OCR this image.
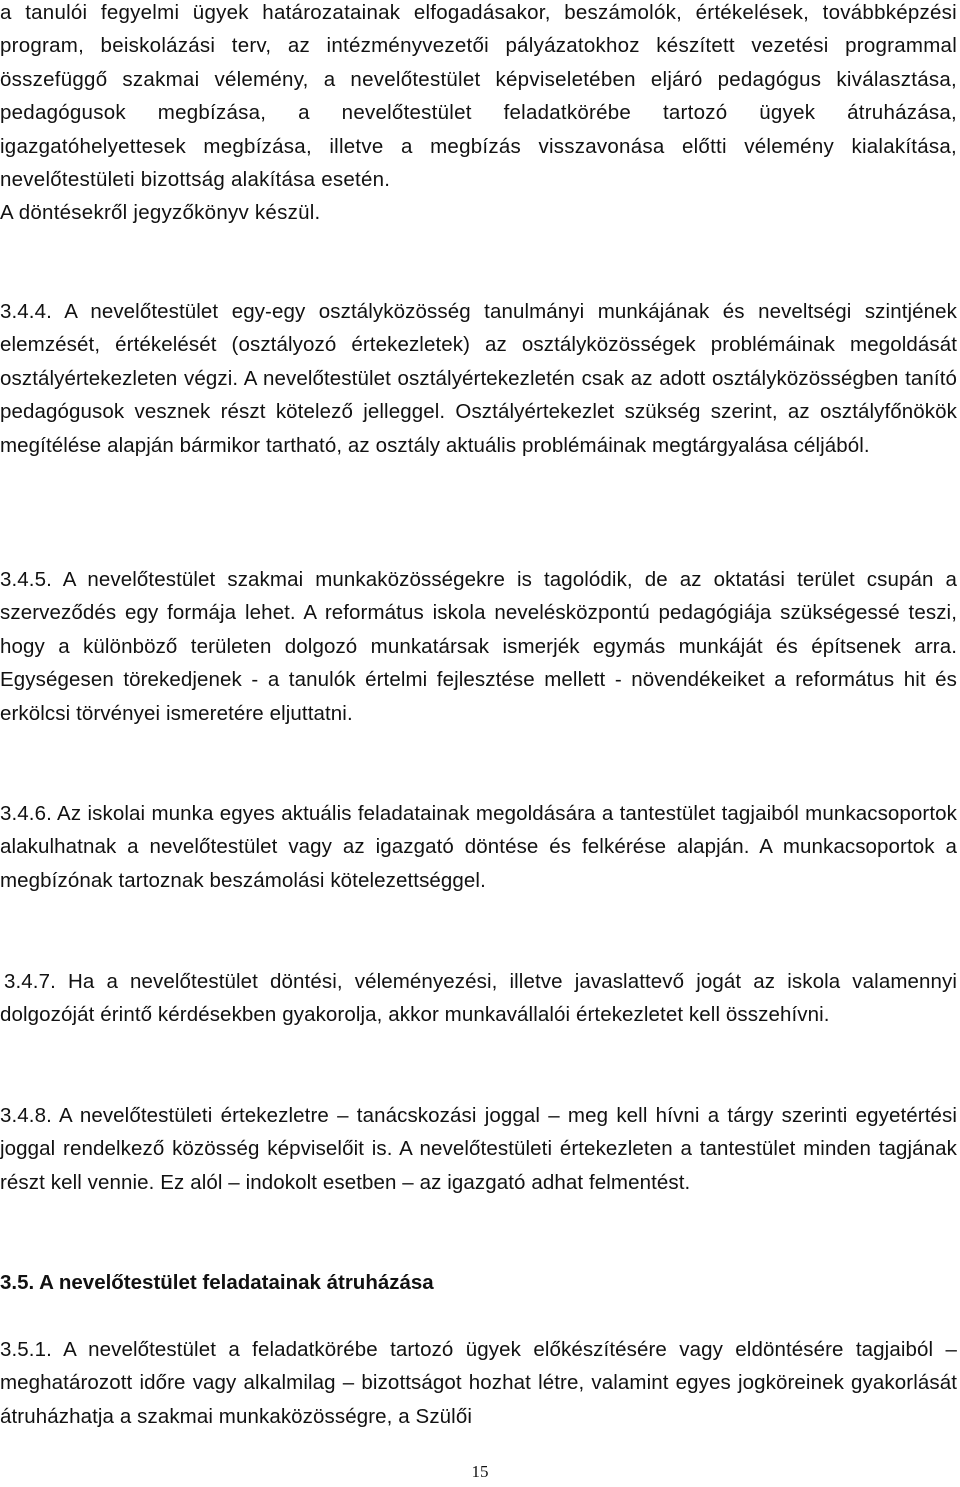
a tanulói fegyelmi ügyek határozatainak elfogadásakor, beszámolók, értékelések, továbbképzési program, beiskolázási terv, az intézményvezetői pályázatokhoz készített vezetési programmal összefüggő szakmai vélemény, a nevelőtestület képviseletében eljáró pedagógus kiválasztása, pedagógusok megbízása, a nevelőtestület feladatkörébe tartozó ügyek átruházása, igazgatóhelyettesek megbízása, illetve a megbízás visszavonása előtti vélemény kialakítása, nevelőtestületi bizottság alakítása esetén.
A döntésekről jegyzőkönyv készül.

3.4.4. A nevelőtestület egy-egy osztályközösség tanulmányi munkájának és neveltségi szintjének elemzését, értékelését (osztályozó értekezletek) az osztályközösségek problémáinak megoldását osztályértekezleten végzi. A nevelőtestület osztályértekezletén csak az adott osztályközösségben tanító pedagógusok vesznek részt kötelező jelleggel. Osztályértekezlet szükség szerint, az osztályfőnökök megítélése alapján bármikor tartható, az osztály aktuális problémáinak megtárgyalása céljából.

3.4.5. A nevelőtestület szakmai munkaközösségekre is tagolódik, de az oktatási terület csupán a szerveződés egy formája lehet. A református iskola nevelésközpontú pedagógiája szükségessé teszi, hogy a különböző területen dolgozó munkatársak ismerjék egymás munkáját és építsenek arra. Egységesen törekedjenek - a tanulók értelmi fejlesztése mellett - növendékeiket a református hit és erkölcsi törvényei ismeretére eljuttatni.

3.4.6. Az iskolai munka egyes aktuális feladatainak megoldására a tantestület tagjaiból munkacsoportok alakulhatnak a nevelőtestület vagy az igazgató döntése és felkérése alapján. A munkacsoportok a megbízónak tartoznak beszámolási kötelezettséggel.

3.4.7. Ha a nevelőtestület döntési, véleményezési, illetve javaslattevő jogát az iskola valamennyi dolgozóját érintő kérdésekben gyakorolja, akkor munkavállalói értekezletet kell összehívni.

3.4.8. A nevelőtestületi értekezletre – tanácskozási joggal – meg kell hívni a tárgy szerinti egyetértési joggal rendelkező közösség képviselőit is. A nevelőtestületi értekezleten a tantestület minden tagjának részt kell vennie. Ez alól – indokolt esetben – az igazgató adhat felmentést.

3.5. A nevelőtestület feladatainak átruházása

3.5.1. A nevelőtestület a feladatkörébe tartozó ügyek előkészítésére vagy eldöntésére tagjaiból – meghatározott időre vagy alkalmilag – bizottságot hozhat létre, valamint egyes jogköreinek gyakorlását átruházhatja a szakmai munkaközösségre, a Szülői

15
